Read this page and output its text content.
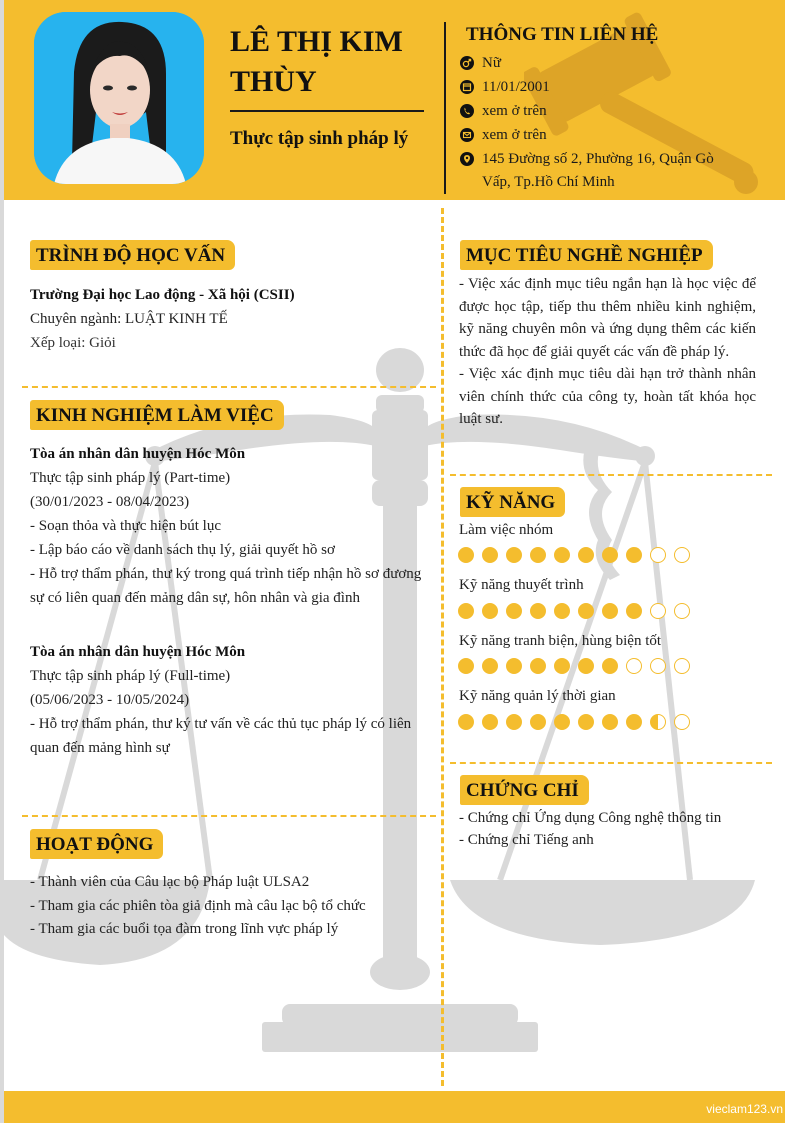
LÊ THỊ KIM
THÙY
Thực tập sinh pháp lý
THÔNG TIN LIÊN HỆ
Nữ
11/01/2001
xem ở trên
xem ở trên
145 Đường số 2, Phường 16, Quận Gò Vấp, Tp.Hồ Chí Minh
TRÌNH ĐỘ HỌC VẤN
Trường Đại học Lao động - Xã hội (CSII)
Chuyên ngành: LUẬT KINH TẾ
Xếp loại: Giỏi
KINH NGHIỆM LÀM VIỆC
Tòa án nhân dân huyện Hóc Môn
Thực tập sinh pháp lý (Part-time)
(30/01/2023 - 08/04/2023)
- Soạn thỏa và thực hiện bút lục
- Lập báo cáo về danh sách thụ lý, giải quyết hồ sơ
- Hỗ trợ thẩm phán, thư ký trong quá trình tiếp nhận hồ sơ đương sự có liên quan đến mảng dân sự, hôn nhân và gia đình
Tòa án nhân dân huyện Hóc Môn
Thực tập sinh pháp lý (Full-time)
(05/06/2023 - 10/05/2024)
- Hỗ trợ thẩm phán, thư ký tư vấn về các thủ tục pháp lý có liên quan đến mảng hình sự
HOẠT ĐỘNG
- Thành viên của Câu lạc bộ Pháp luật ULSA2
- Tham gia các phiên tòa giả định mà câu lạc bộ tổ chức
- Tham gia các buổi tọa đàm trong lĩnh vực pháp lý
MỤC TIÊU NGHỀ NGHIỆP
- Việc xác định mục tiêu ngắn hạn là học việc để được học tập, tiếp thu thêm nhiều kinh nghiệm, kỹ năng chuyên môn và ứng dụng thêm các kiến thức đã học để giải quyết các vấn đề pháp lý.
- Việc xác định mục tiêu dài hạn trở thành nhân viên chính thức của công ty, hoàn tất khóa học luật sư.
KỸ NĂNG
Làm việc nhóm
Kỹ năng thuyết trình
Kỹ năng tranh biện, hùng biện tốt
Kỹ năng quản lý thời gian
CHỨNG CHỈ
- Chứng chỉ Ứng dụng Công nghệ thông tin
- Chứng chỉ Tiếng anh
vieclam123.vn
